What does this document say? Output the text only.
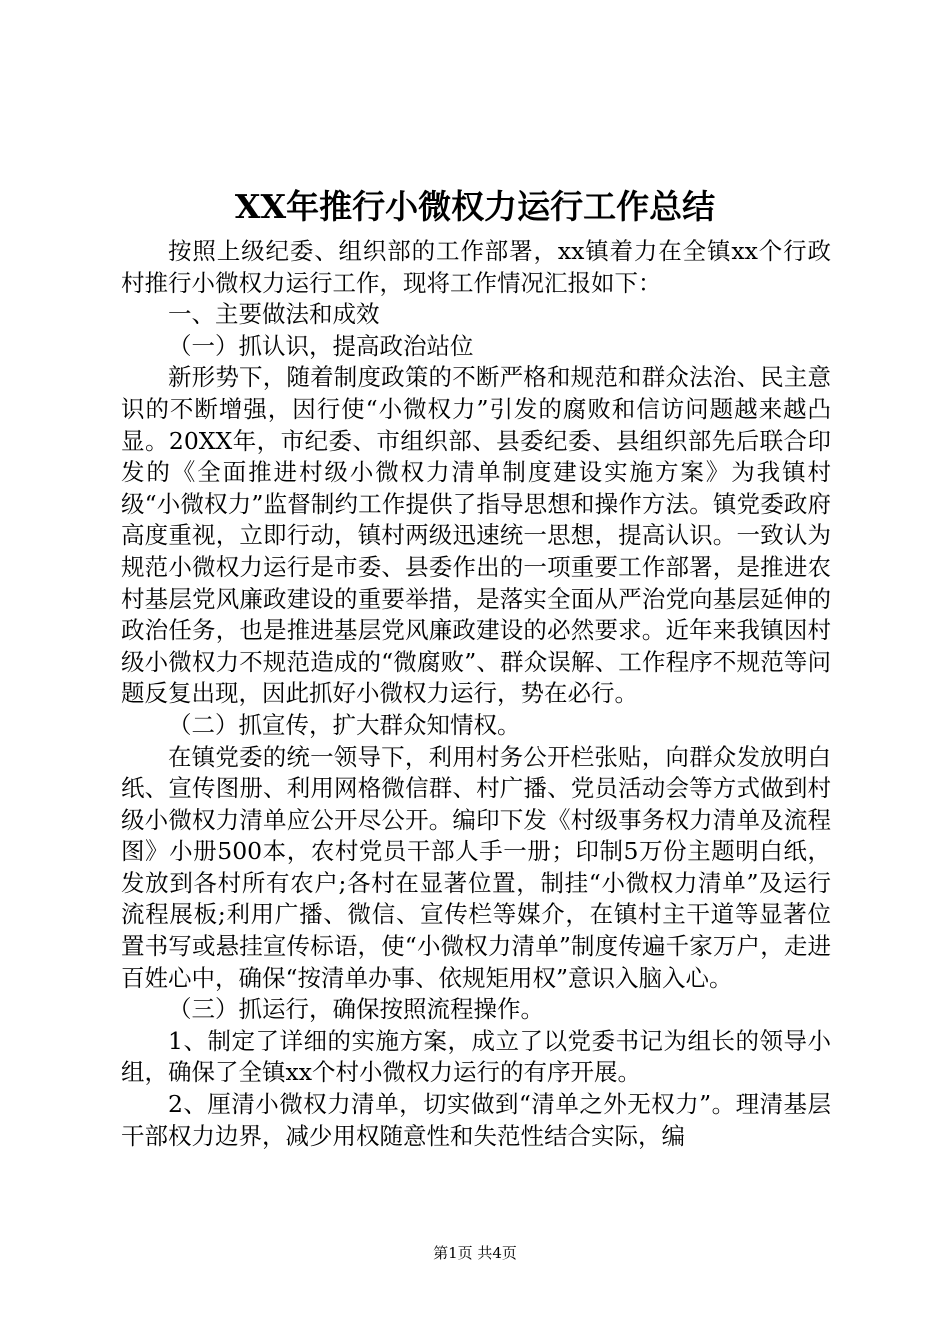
XX年推行小微权力运行工作总结

按照上级纪委、组织部的工作部署，xx镇着力在全镇xx个行政村推行小微权力运行工作，现将工作情况汇报如下：

一、主要做法和成效

（一）抓认识，提高政治站位

新形势下，随着制度政策的不断严格和规范和群众法治、民主意识的不断增强，因行使“小微权力”引发的腐败和信访问题越来越凸显。20XX年，市纪委、市组织部、县委纪委、县组织部先后联合印发的《全面推进村级小微权力清单制度建设实施方案》为我镇村级“小微权力”监督制约工作提供了指导思想和操作方法。镇党委政府高度重视，立即行动，镇村两级迅速统一思想，提高认识。一致认为规范小微权力运行是市委、县委作出的一项重要工作部署，是推进农村基层党风廉政建设的重要举措，是落实全面从严治党向基层延伸的政治任务，也是推进基层党风廉政建设的必然要求。近年来我镇因村级小微权力不规范造成的“微腐败”、群众误解、工作程序不规范等问题反复出现，因此抓好小微权力运行，势在必行。

（二）抓宣传，扩大群众知情权。

在镇党委的统一领导下，利用村务公开栏张贴，向群众发放明白纸、宣传图册、利用网格微信群、村广播、党员活动会等方式做到村级小微权力清单应公开尽公开。编印下发《村级事务权力清单及流程图》小册500本，农村党员干部人手一册；印制5万份主题明白纸，发放到各村所有农户;各村在显著位置，制挂“小微权力清单”及运行流程展板;利用广播、微信、宣传栏等媒介，在镇村主干道等显著位置书写或悬挂宣传标语，使“小微权力清单”制度传遍千家万户，走进百姓心中，确保“按清单办事、依规矩用权”意识入脑入心。

（三）抓运行，确保按照流程操作。

1、制定了详细的实施方案，成立了以党委书记为组长的领导小组，确保了全镇xx个村小微权力运行的有序开展。

2、厘清小微权力清单，切实做到“清单之外无权力”。理清基层干部权力边界，减少用权随意性和失范性结合实际，编

第1页 共4页
